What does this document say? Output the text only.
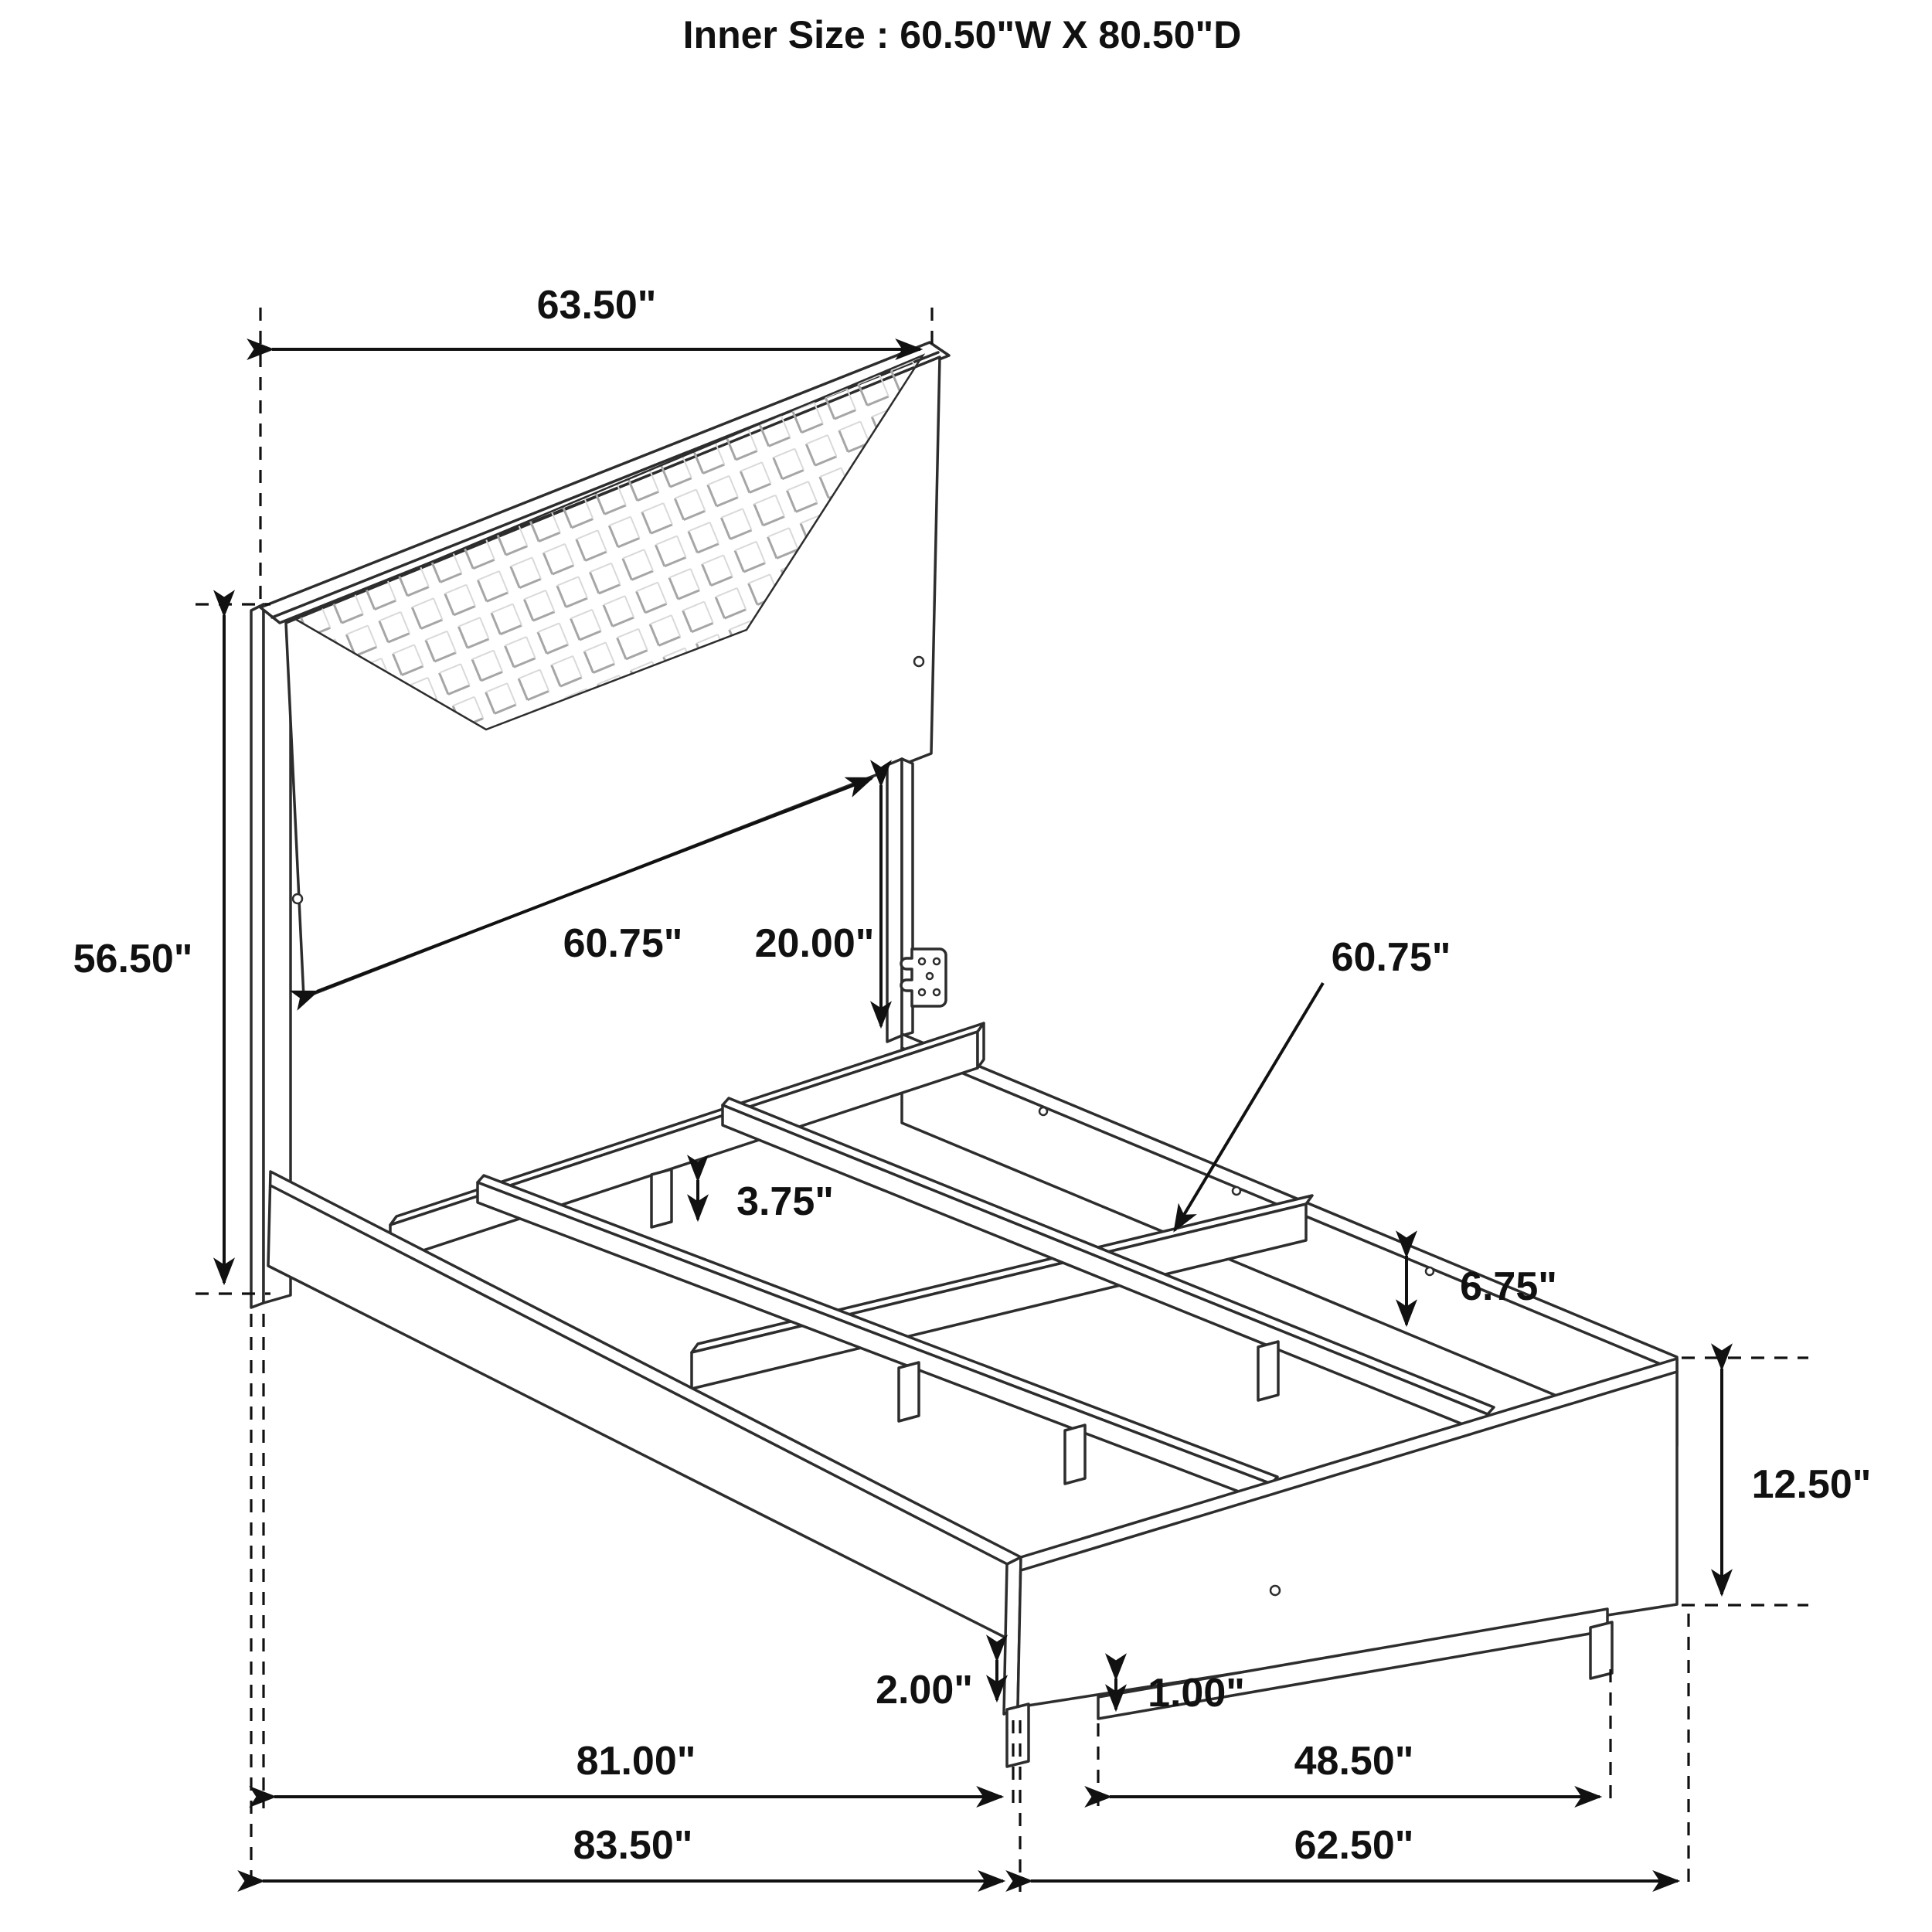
Inner Size : 60.50"W X 80.50"D
63.50"
56.50"	60.75" 20.00"	60.75"
6.75"
3.75"
12.50"
2.00"	1.00"
81.00"	48.50"
83.50"	62.50"
